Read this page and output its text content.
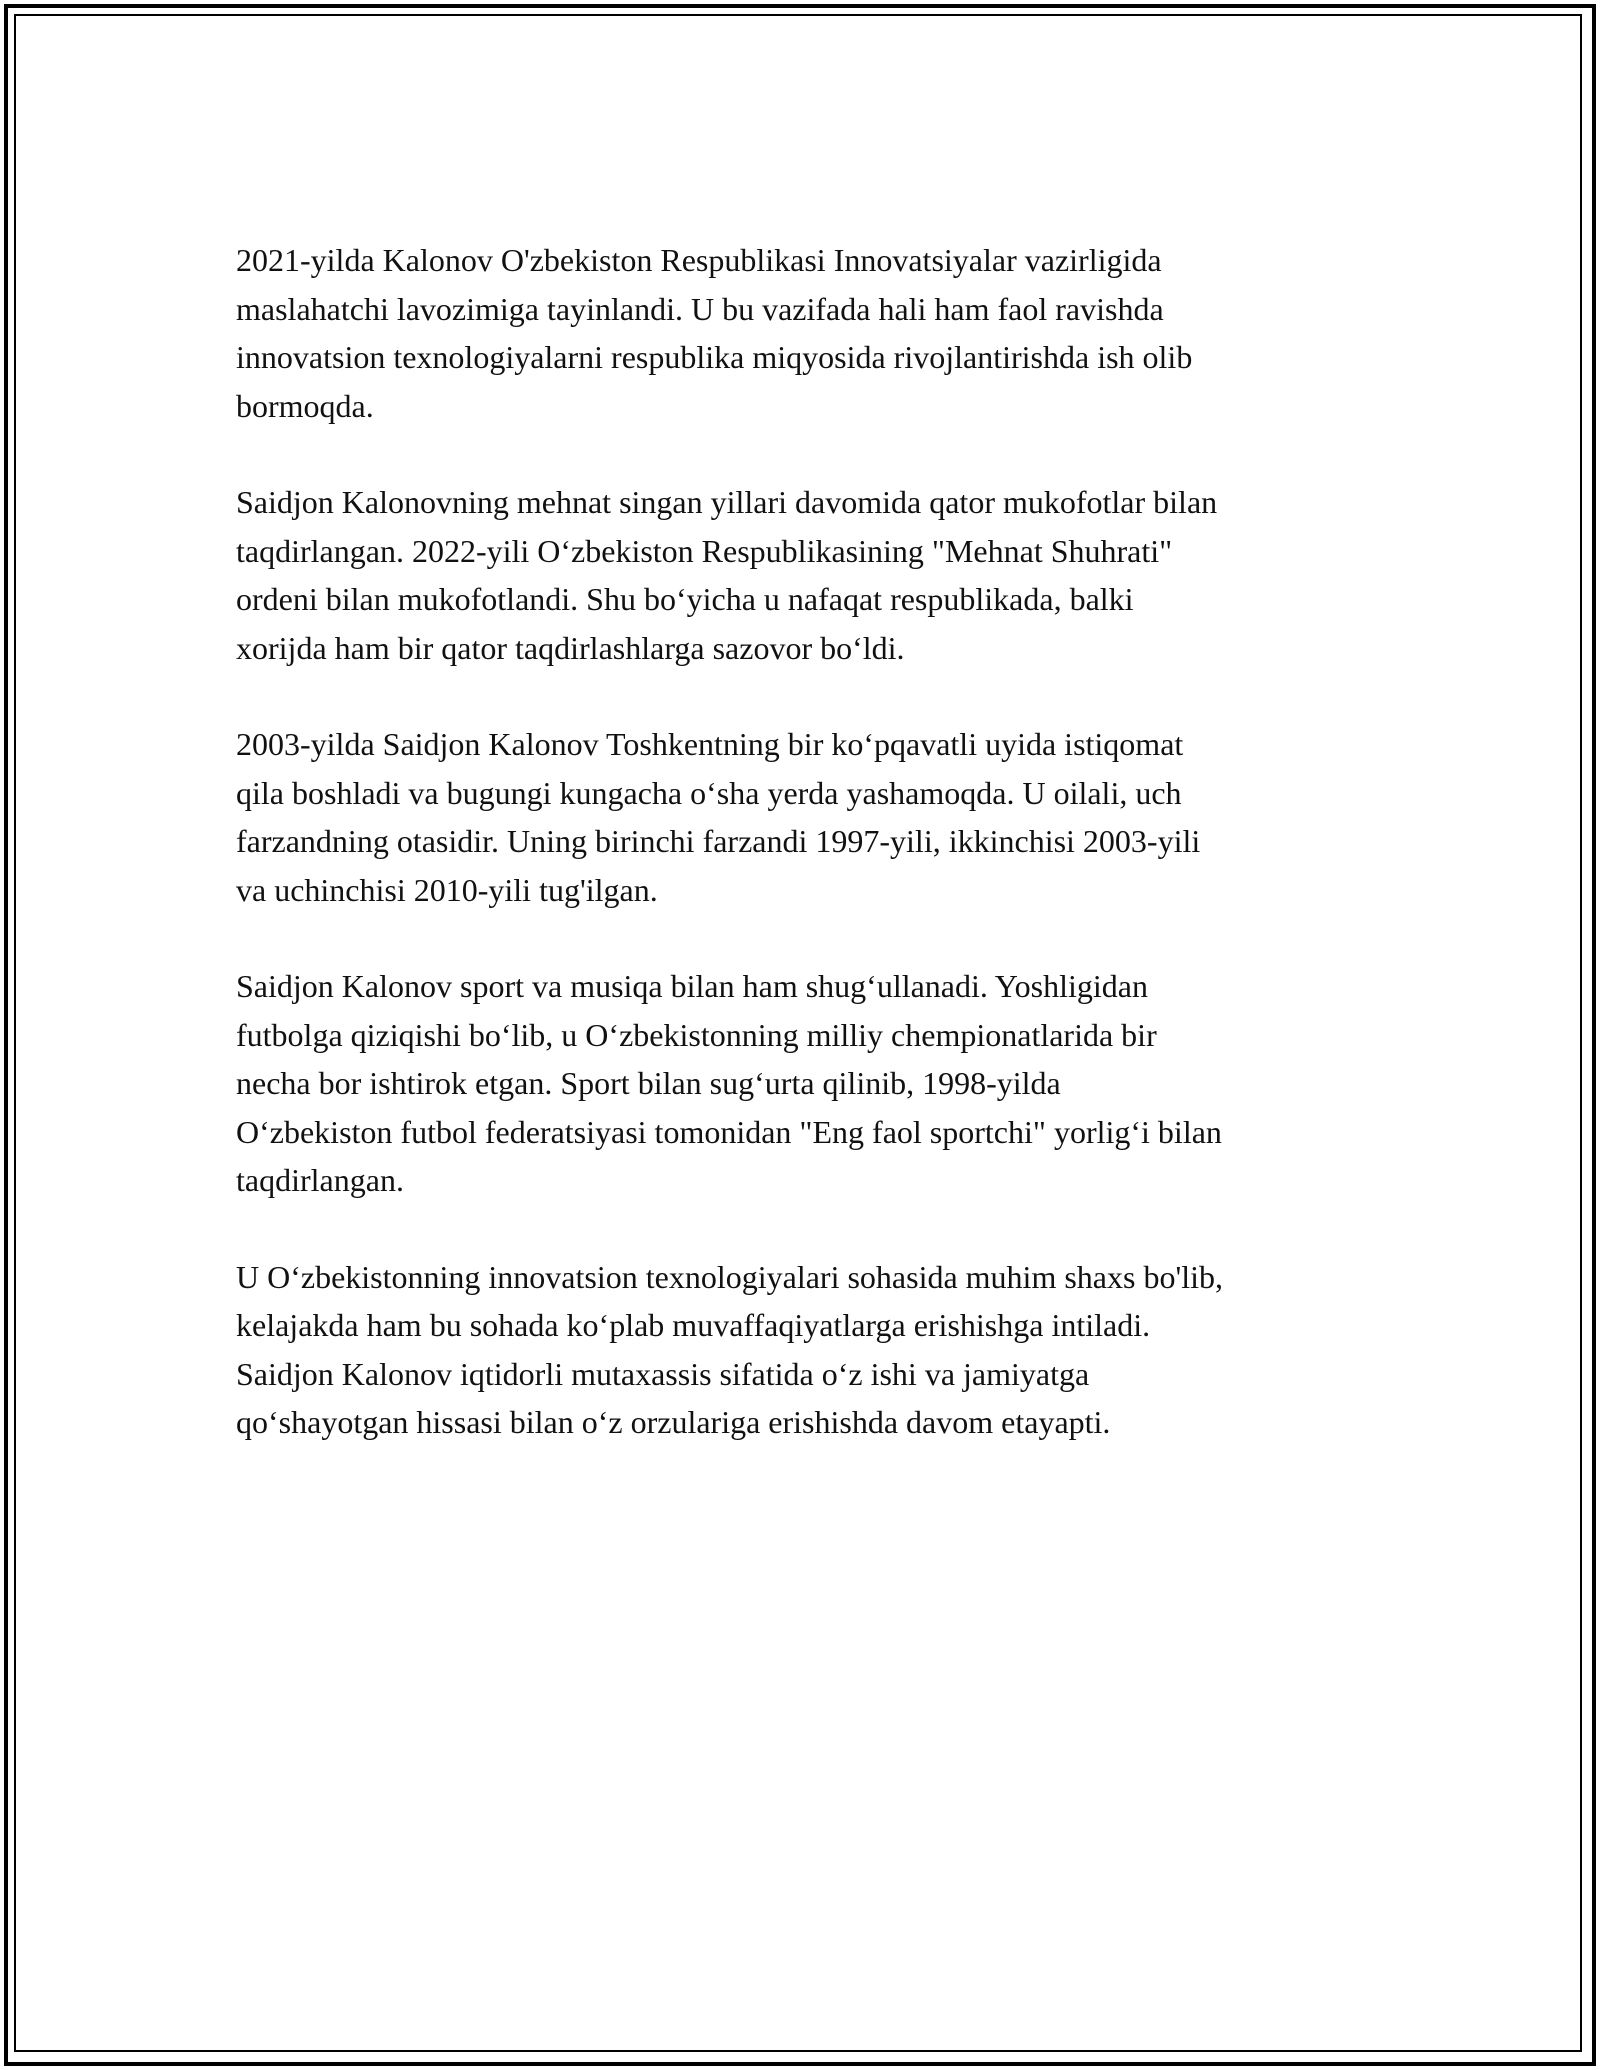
2021-yilda Kalonov O'zbekiston Respublikasi Innovatsiyalar vazirligida
maslahatchi lavozimiga tayinlandi. U bu vazifada hali ham faol ravishda
innovatsion texnologiyalarni respublika miqyosida rivojlantirishda ish olib
bormoqda.

Saidjon Kalonovning mehnat singan yillari davomida qator mukofotlar bilan
taqdirlangan. 2022-yili O‘zbekiston Respublikasining "Mehnat Shuhrati"
ordeni bilan mukofotlandi. Shu bo‘yicha u nafaqat respublikada, balki
xorijda ham bir qator taqdirlashlarga sazovor bo‘ldi.

2003-yilda Saidjon Kalonov Toshkentning bir ko‘pqavatli uyida istiqomat
qila boshladi va bugungi kungacha o‘sha yerda yashamoqda. U oilali, uch
farzandning otasidir. Uning birinchi farzandi 1997-yili, ikkinchisi 2003-yili
va uchinchisi 2010-yili tug'ilgan.

Saidjon Kalonov sport va musiqa bilan ham shug‘ullanadi. Yoshligidan
futbolga qiziqishi bo‘lib, u O‘zbekistonning milliy chempionatlarida bir
necha bor ishtirok etgan. Sport bilan sug‘urta qilinib, 1998-yilda
O‘zbekiston futbol federatsiyasi tomonidan "Eng faol sportchi" yorlig‘i bilan
taqdirlangan.

U O‘zbekistonning innovatsion texnologiyalari sohasida muhim shaxs bo'lib,
kelajakda ham bu sohada ko‘plab muvaffaqiyatlarga erishishga intiladi.
Saidjon Kalonov iqtidorli mutaxassis sifatida o‘z ishi va jamiyatga
qo‘shayotgan hissasi bilan o‘z orzulariga erishishda davom etayapti.
